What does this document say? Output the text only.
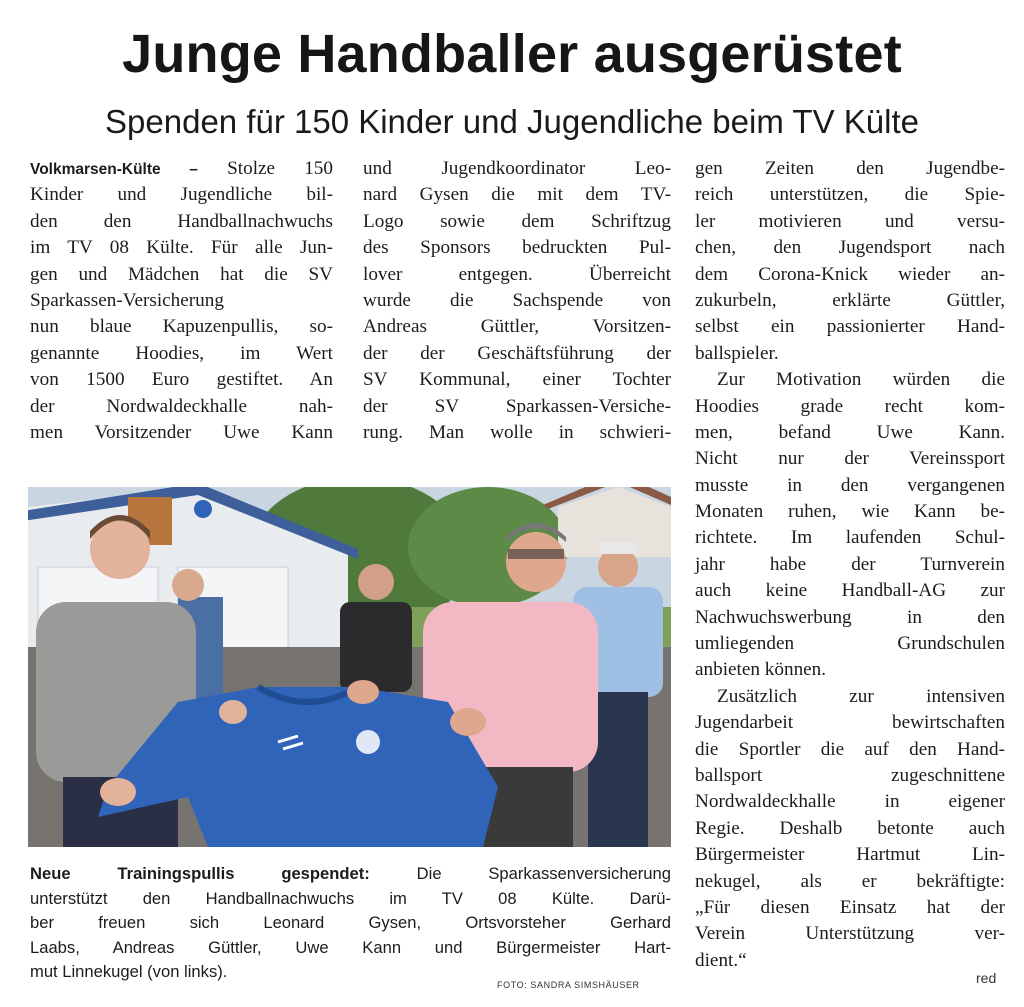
Junge Handballer ausgerüstet
Spenden für 150 Kinder und Jugendliche beim TV Külte
Volkmarsen-Külte – Stolze 150
Kinder und Jugendliche bil-
den den Handballnachwuchs
im TV 08 Külte. Für alle Jun-
gen und Mädchen hat die SV
Sparkassen-Versicherung
nun blaue Kapuzenpullis, so-
genannte Hoodies, im Wert
von 1500 Euro gestiftet. An
der Nordwaldeckhalle nah-
men Vorsitzender Uwe Kann
und Jugendkoordinator Leo-
nard Gysen die mit dem TV-
Logo sowie dem Schriftzug
des Sponsors bedruckten Pul-
lover entgegen. Überreicht
wurde die Sachspende von
Andreas Güttler, Vorsitzen-
der der Geschäftsführung der
SV Kommunal, einer Tochter
der SV Sparkassen-Versiche-
rung. Man wolle in schwieri-
gen Zeiten den Jugendbe-
reich unterstützen, die Spie-
ler motivieren und versu-
chen, den Jugendsport nach
dem Corona-Knick wieder an-
zukurbeln, erklärte Güttler,
selbst ein passionierter Hand-
ballspieler.
Zur Motivation würden die
Hoodies grade recht kom-
men, befand Uwe Kann.
Nicht nur der Vereinssport
musste in den vergangenen
Monaten ruhen, wie Kann be-
richtete. Im laufenden Schul-
jahr habe der Turnverein
auch keine Handball-AG zur
Nachwuchswerbung in den
umliegenden Grundschulen
anbieten können.
Zusätzlich zur intensiven
Jugendarbeit bewirtschaften
die Sportler die auf den Hand-
ballsport zugeschnittene
Nordwaldeckhalle in eigener
Regie. Deshalb betonte auch
Bürgermeister Hartmut Lin-
nekugel, als er bekräftigte:
„Für diesen Einsatz hat der
Verein Unterstützung ver-
dient.“
Neue Trainingspullis gespendet: Die Sparkassenversicherung
unterstützt den Handballnachwuchs im TV 08 Külte. Darü-
ber freuen sich Leonard Gysen, Ortsvorsteher Gerhard
Laabs, Andreas Güttler, Uwe Kann und Bürgermeister Hart-
mut Linnekugel (von links).
FOTO: SANDRA SIMSHÄUSER	red
